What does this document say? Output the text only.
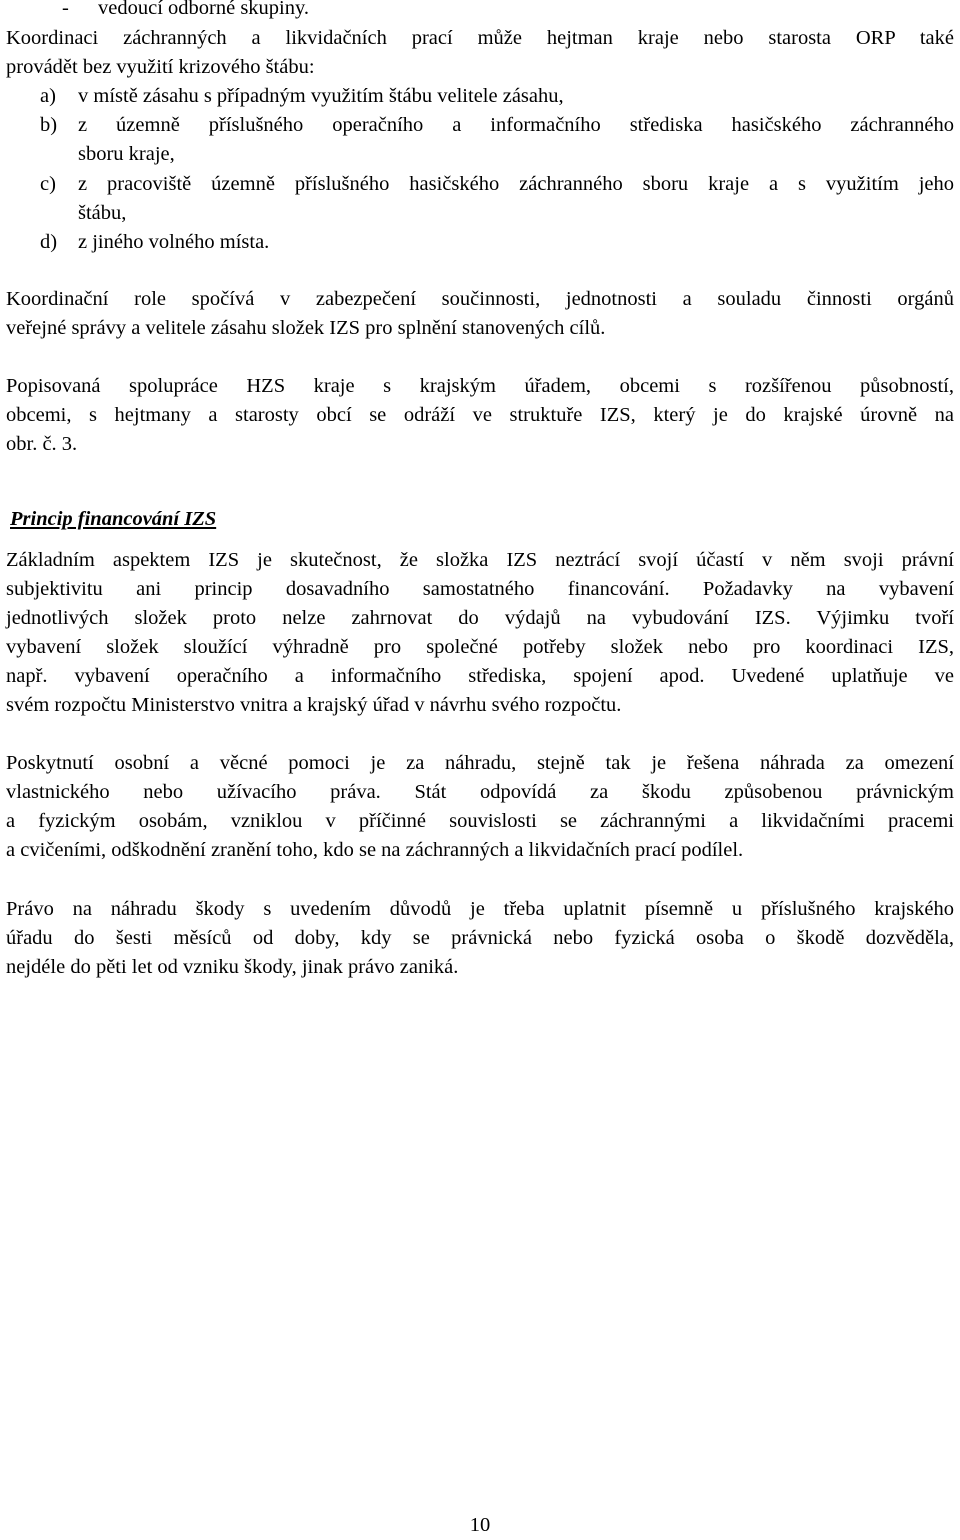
- vedoucí odborné skupiny.
Koordinaci záchranných a likvidačních prací může hejtman kraje nebo starosta ORP také
provádět bez využití krizového štábu:
a) v místě zásahu s případným využitím štábu velitele zásahu,
b) z územně příslušného operačního a informačního střediska hasičského záchranného
sboru kraje,
c) z pracoviště územně příslušného hasičského záchranného sboru kraje a s využitím jeho
štábu,
d) z jiného volného místa.
Koordinační role spočívá v zabezpečení součinnosti, jednotnosti a souladu činnosti orgánů
veřejné správy a velitele zásahu složek IZS pro splnění stanovených cílů.
Popisovaná spolupráce HZS kraje s krajským úřadem, obcemi s rozšířenou působností,
obcemi, s hejtmany a starosty obcí se odráží ve struktuře IZS, který je do krajské úrovně na
obr. č. 3.
Princip financování IZS
Základním aspektem IZS je skutečnost, že složka IZS neztrácí svojí účastí v něm svoji právní
subjektivitu ani princip dosavadního samostatného financování. Požadavky na vybavení
jednotlivých složek proto nelze zahrnovat do výdajů na vybudování IZS. Výjimku tvoří
vybavení složek sloužící výhradně pro společné potřeby složek nebo pro koordinaci IZS,
např. vybavení operačního a informačního střediska, spojení apod. Uvedené uplatňuje ve
svém rozpočtu Ministerstvo vnitra a krajský úřad v návrhu svého rozpočtu.
Poskytnutí osobní a věcné pomoci je za náhradu, stejně tak je řešena náhrada za omezení
vlastnického nebo užívacího práva. Stát odpovídá za škodu způsobenou právnickým
a fyzickým osobám, vzniklou v příčinné souvislosti se záchrannými a likvidačními pracemi
a cvičeními, odškodnění zranění toho, kdo se na záchranných a likvidačních prací podílel.
Právo na náhradu škody s uvedením důvodů je třeba uplatnit písemně u příslušného krajského
úřadu do šesti měsíců od doby, kdy se právnická nebo fyzická osoba o škodě dozvěděla,
nejdéle do pěti let od vzniku škody, jinak právo zaniká.
10
